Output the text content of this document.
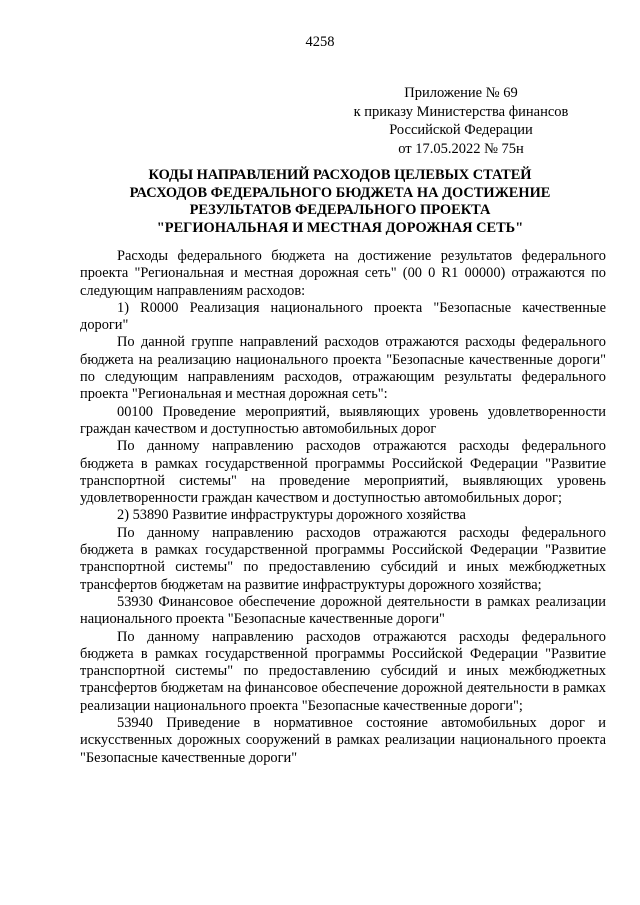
4258
Приложение № 69
к приказу Министерства финансов
Российской Федерации
от 17.05.2022 № 75н
КОДЫ НАПРАВЛЕНИЙ РАСХОДОВ ЦЕЛЕВЫХ СТАТЕЙ
РАСХОДОВ ФЕДЕРАЛЬНОГО БЮДЖЕТА НА ДОСТИЖЕНИЕ
РЕЗУЛЬТАТОВ ФЕДЕРАЛЬНОГО ПРОЕКТА
"РЕГИОНАЛЬНАЯ И МЕСТНАЯ ДОРОЖНАЯ СЕТЬ"

Расходы федерального бюджета на достижение результатов федерального проекта "Региональная и местная дорожная сеть" (00 0 R1 00000) отражаются по следующим направлениям расходов:

1) R0000 Реализация национального проекта "Безопасные качественные дороги"

По данной группе направлений расходов отражаются расходы федерального бюджета на реализацию национального проекта "Безопасные качественные дороги" по следующим направлениям расходов, отражающим результаты федерального проекта "Региональная и местная дорожная сеть":

00100 Проведение мероприятий, выявляющих уровень удовлетворенности граждан качеством и доступностью автомобильных дорог

По данному направлению расходов отражаются расходы федерального бюджета в рамках государственной программы Российской Федерации "Развитие транспортной системы" на проведение мероприятий, выявляющих уровень удовлетворенности граждан качеством и доступностью автомобильных дорог;

2) 53890 Развитие инфраструктуры дорожного хозяйства

По данному направлению расходов отражаются расходы федерального бюджета в рамках государственной программы Российской Федерации "Развитие транспортной системы" по предоставлению субсидий и иных межбюджетных трансфертов бюджетам на развитие инфраструктуры дорожного хозяйства;

53930 Финансовое обеспечение дорожной деятельности в рамках реализации национального проекта "Безопасные качественные дороги"

По данному направлению расходов отражаются расходы федерального бюджета в рамках государственной программы Российской Федерации "Развитие транспортной системы" по предоставлению субсидий и иных межбюджетных трансфертов бюджетам на финансовое обеспечение дорожной деятельности в рамках реализации национального проекта "Безопасные качественные дороги";

53940 Приведение в нормативное состояние автомобильных дорог и искусственных дорожных сооружений в рамках реализации национального проекта "Безопасные качественные дороги"
